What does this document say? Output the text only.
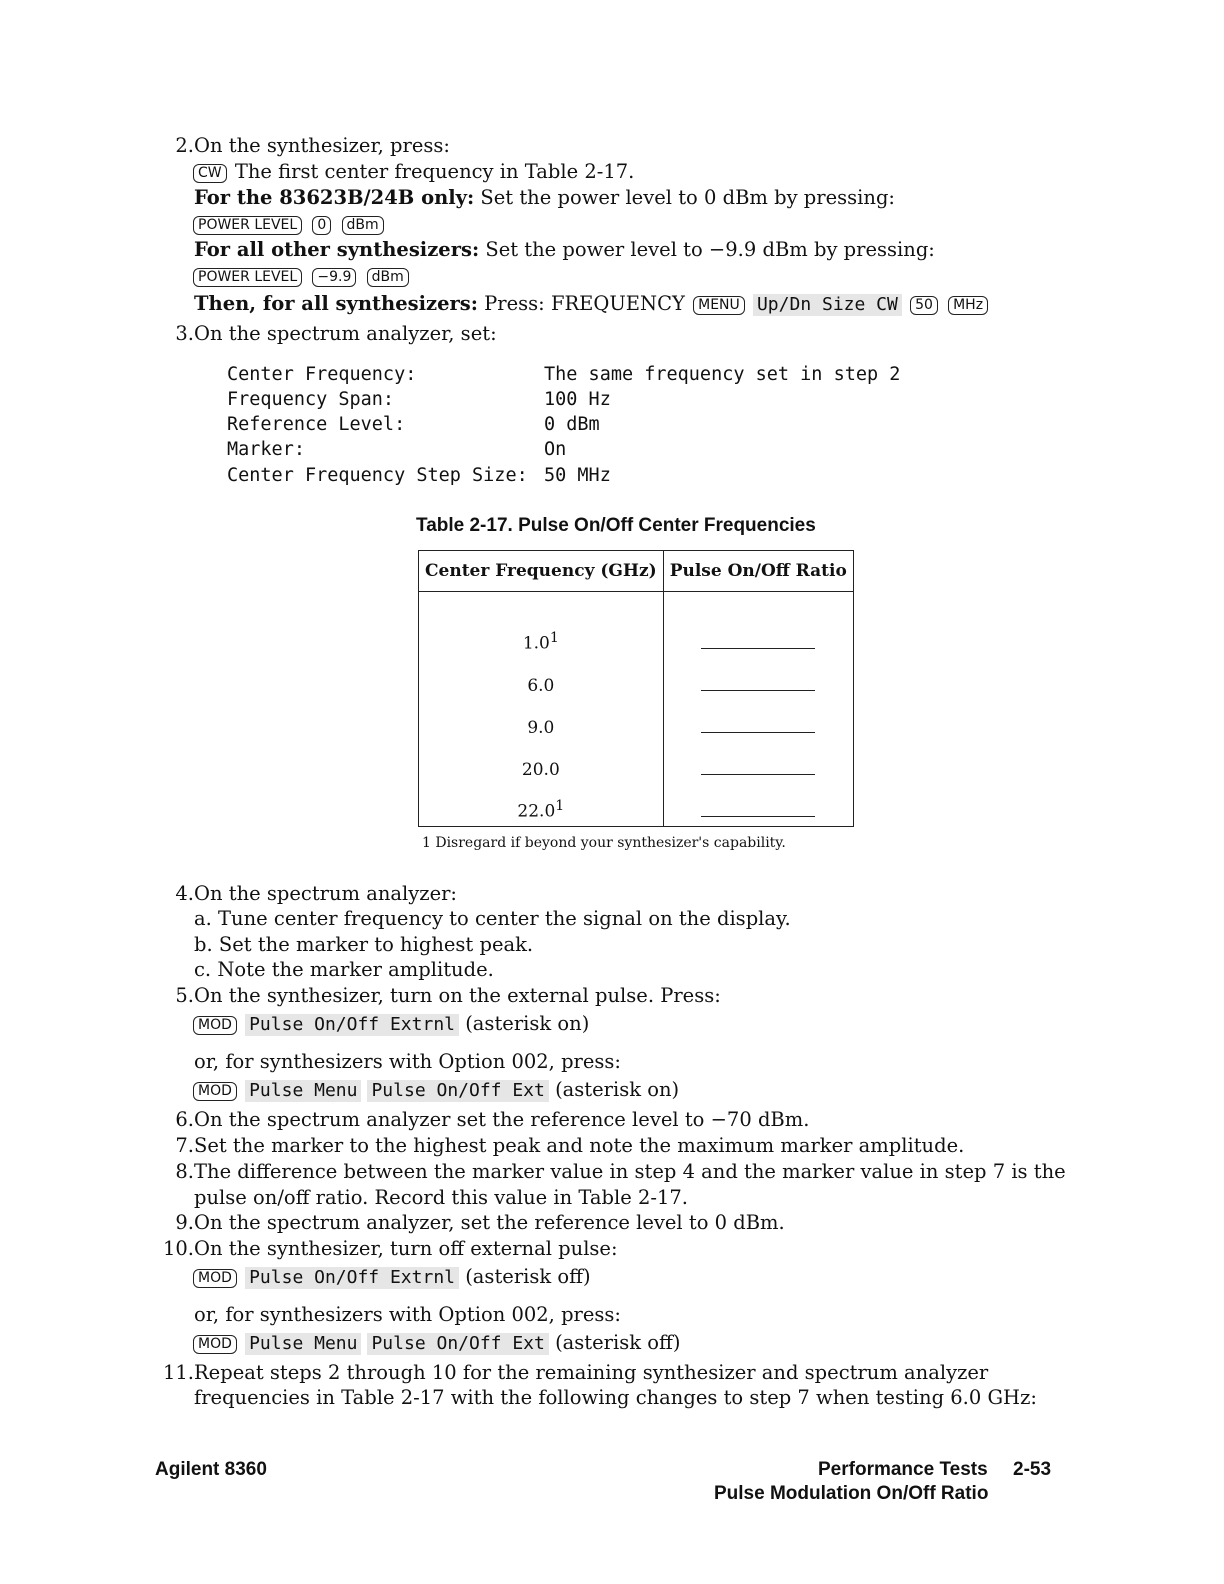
2. On the synthesizer, press:
CW The first center frequency in Table 2-17.
For the 83623B/24B only: Set the power level to 0 dBm by pressing:
POWER LEVEL 0 dBm
For all other synthesizers: Set the power level to −9.9 dBm by pressing:
POWER LEVEL −9.9 dBm
Then, for all synthesizers: Press: FREQUENCY MENU Up/Dn Size CW 50 MHz
3. On the spectrum analyzer, set:
Center Frequency:	The same frequency set in step 2
Frequency Span:	100 Hz
Reference Level:	0 dBm
Marker:	On
Center Frequency Step Size: 50 MHz
Table 2-17. Pulse On/Off Center Frequencies
Center Frequency (GHz)	Pulse On/Off Ratio

$1.0^1$	
6.0	
9.0	
20.0	
22.0$^1$	
1 Disregard if beyond your synthesizer's capability.
4. On the spectrum analyzer:
a. Tune center frequency to center the signal on the display.
b. Set the marker to highest peak.
c. Note the marker amplitude.
5. On the synthesizer, turn on the external pulse. Press:
MOD Pulse On/Off Extrnl (asterisk on)
or, for synthesizers with Option 002, press:
MOD Pulse Menu Pulse On/Off Ext (asterisk on)
6. On the spectrum analyzer set the reference level to −70 dBm.
7. Set the marker to the highest peak and note the maximum marker amplitude.
8. The difference between the marker value in step 4 and the marker value in step 7 is the
pulse on/off ratio. Record this value in Table 2-17.
9. On the spectrum analyzer, set the reference level to 0 dBm.
10. On the synthesizer, turn off external pulse:
MOD Pulse On/Off Extrnl (asterisk off)
or, for synthesizers with Option 002, press:
MOD Pulse Menu Pulse On/Off Ext (asterisk off)
11. Repeat steps 2 through 10 for the remaining synthesizer and spectrum analyzer
frequencies in Table 2-17 with the following changes to step 7 when testing 6.0 GHz:
Agilent 8360	Performance Tests 2-53
Pulse Modulation On/Off Ratio
